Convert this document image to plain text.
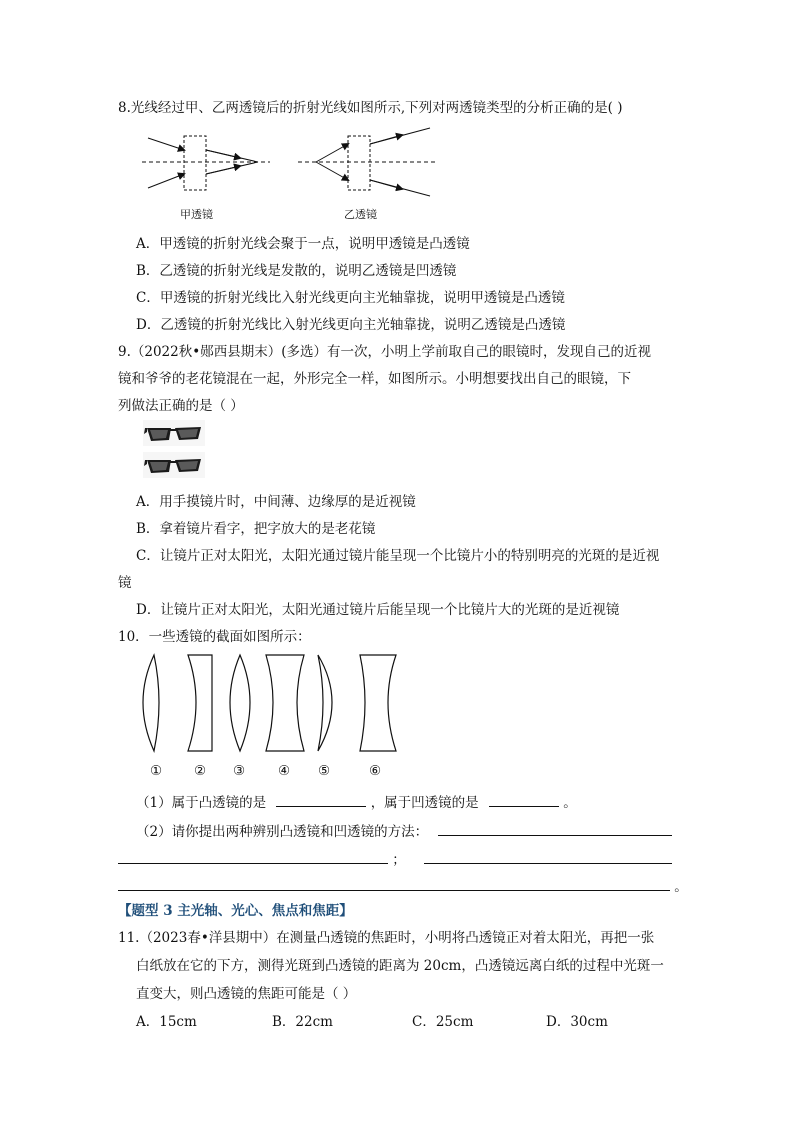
8.光线经过甲、乙两透镜后的折射光线如图所示,下列对两透镜类型的分析正确的是( )
甲透镜	乙透镜
A．甲透镜的折射光线会聚于一点，说明甲透镜是凸透镜
B．乙透镜的折射光线是发散的，说明乙透镜是凹透镜
C．甲透镜的折射光线比入射光线更向主光轴靠拢，说明甲透镜是凸透镜
D．乙透镜的折射光线比入射光线更向主光轴靠拢，说明乙透镜是凸透镜
9.（2022秋•郧西县期末）(多选）有一次，小明上学前取自己的眼镜时，发现自己的近视
镜和爷爷的老花镜混在一起，外形完全一样，如图所示。小明想要找出自己的眼镜，下
列做法正确的是（ ）
A．用手摸镜片时，中间薄、边缘厚的是近视镜
B．拿着镜片看字，把字放大的是老花镜
C．让镜片正对太阳光，太阳光通过镜片能呈现一个比镜片小的特别明亮的光斑的是近视
镜
D．让镜片正对太阳光，太阳光通过镜片后能呈现一个比镜片大的光斑的是近视镜
10．一些透镜的截面如图所示：
① ② ③ ④ ⑤	⑥
（1）属于凸透镜的是	，属于凹透镜的是	。
（2）请你提出两种辨别凸透镜和凹透镜的方法：
；
。
【题型 3 主光轴、光心、焦点和焦距】
11.（2023春•洋县期中）在测量凸透镜的焦距时，小明将凸透镜正对着太阳光，再把一张
白纸放在它的下方，测得光斑到凸透镜的距离为 20cm，凸透镜远离白纸的过程中光斑一
直变大，则凸透镜的焦距可能是（ ）
A．15cm	B．22cm	C．25cm	D．30cm
